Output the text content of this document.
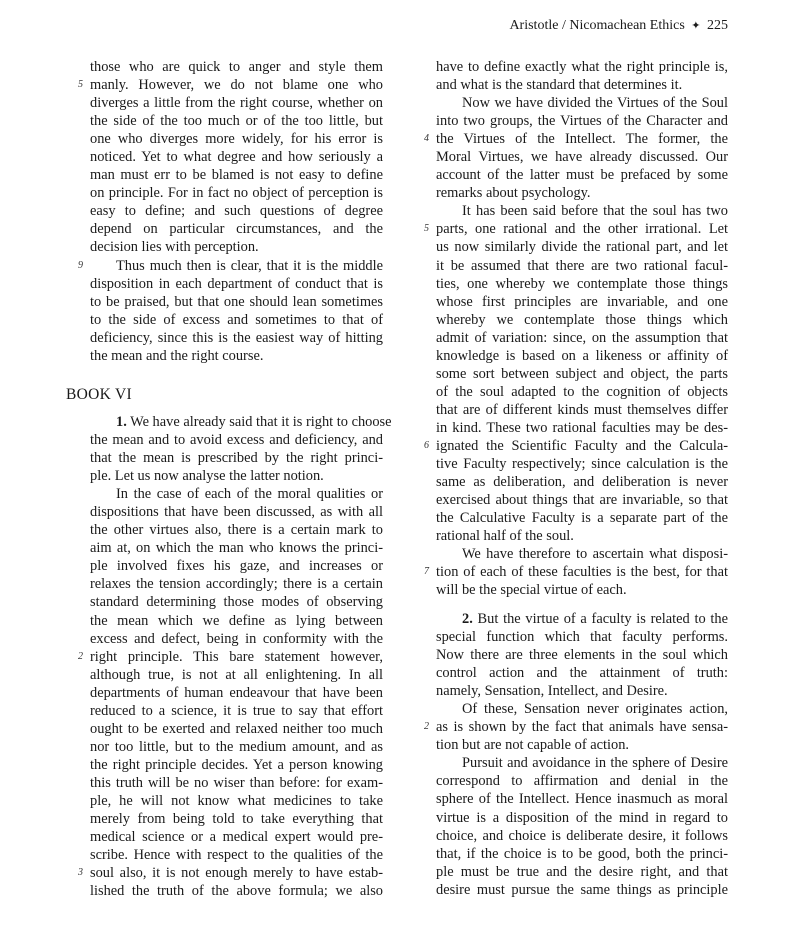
Aristotle / Nicomachean Ethics ✦ 225
those who are quick to anger and style them
5 manly. However, we do not blame one who
diverges a little from the right course, whether on
the side of the too much or of the too little, but
one who diverges more widely, for his error is
noticed. Yet to what degree and how seriously a
man must err to be blamed is not easy to define
on principle. For in fact no object of perception is
easy to define; and such questions of degree
depend on particular circumstances, and the
decision lies with perception.
9 Thus much then is clear, that it is the middle
disposition in each department of conduct that is
to be praised, but that one should lean sometimes
to the side of excess and sometimes to that of
deficiency, since this is the easiest way of hitting
the mean and the right course.
BOOK VI
1. We have already said that it is right to choose
the mean and to avoid excess and deficiency, and
that the mean is prescribed by the right princi-
ple. Let us now analyse the latter notion.
In the case of each of the moral qualities or
dispositions that have been discussed, as with all
the other virtues also, there is a certain mark to
aim at, on which the man who knows the princi-
ple involved fixes his gaze, and increases or
relaxes the tension accordingly; there is a certain
standard determining those modes of observing
the mean which we define as lying between
excess and defect, being in conformity with the
2 right principle. This bare statement however,
although true, is not at all enlightening. In all
departments of human endeavour that have been
reduced to a science, it is true to say that effort
ought to be exerted and relaxed neither too much
nor too little, but to the medium amount, and as
the right principle decides. Yet a person knowing
this truth will be no wiser than before: for exam-
ple, he will not know what medicines to take
merely from being told to take everything that
medical science or a medical expert would pre-
scribe. Hence with respect to the qualities of the
3 soul also, it is not enough merely to have estab-
lished the truth of the above formula; we also
have to define exactly what the right principle is,
and what is the standard that determines it.
Now we have divided the Virtues of the Soul
into two groups, the Virtues of the Character and
4 the Virtues of the Intellect. The former, the
Moral Virtues, we have already discussed. Our
account of the latter must be prefaced by some
remarks about psychology.
It has been said before that the soul has two
5 parts, one rational and the other irrational. Let
us now similarly divide the rational part, and let
it be assumed that there are two rational facul-
ties, one whereby we contemplate those things
whose first principles are invariable, and one
whereby we contemplate those things which
admit of variation: since, on the assumption that
knowledge is based on a likeness or affinity of
some sort between subject and object, the parts
of the soul adapted to the cognition of objects
that are of different kinds must themselves differ
in kind. These two rational faculties may be des-
6 ignated the Scientific Faculty and the Calcula-
tive Faculty respectively; since calculation is the
same as deliberation, and deliberation is never
exercised about things that are invariable, so that
the Calculative Faculty is a separate part of the
rational half of the soul.
We have therefore to ascertain what disposi-
7 tion of each of these faculties is the best, for that
will be the special virtue of each.
2. But the virtue of a faculty is related to the
special function which that faculty performs.
Now there are three elements in the soul which
control action and the attainment of truth:
namely, Sensation, Intellect, and Desire.
Of these, Sensation never originates action,
2 as is shown by the fact that animals have sensa-
tion but are not capable of action.
Pursuit and avoidance in the sphere of Desire
correspond to affirmation and denial in the
sphere of the Intellect. Hence inasmuch as moral
virtue is a disposition of the mind in regard to
choice, and choice is deliberate desire, it follows
that, if the choice is to be good, both the princi-
ple must be true and the desire right, and that
desire must pursue the same things as principle
